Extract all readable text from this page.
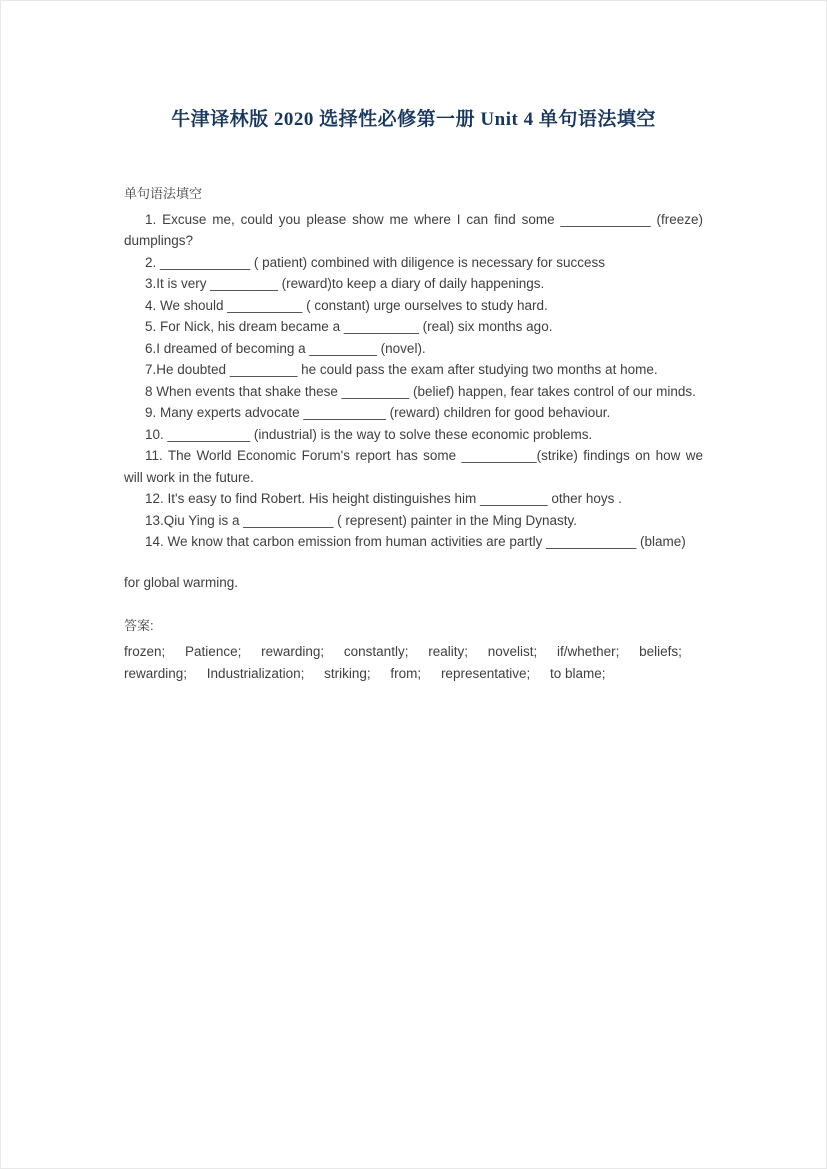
牛津译林版 2020 选择性必修第一册 Unit 4 单句语法填空

单句语法填空

1. Excuse me, could you please show me where I can find some ____________ (freeze) dumplings?

2. ____________ ( patient) combined with diligence is necessary for success

3.It is very _________ (reward)to keep a diary of daily happenings.

4. We should __________ ( constant) urge ourselves to study hard.

5. For Nick, his dream became a __________ (real) six months ago.

6.I dreamed of becoming a _________ (novel).

7.He doubted _________ he could pass the exam after studying two months at home.

8 When events that shake these _________ (belief) happen, fear takes control of our minds.

9. Many experts advocate ___________ (reward) children for good behaviour.

10. ___________ (industrial) is the way to solve these economic problems.

11. The World Economic Forum's report has some __________(strike) findings on how we will work in the future.

12. It's easy to find Robert. His height distinguishes him _________ other hoys .

13.Qiu Ying is a ____________ ( represent) painter in the Ming Dynasty.

14. We know that carbon emission from human activities are partly ____________ (blame)

for global warming.

答案:

frozen; Patience; rewarding; constantly; reality; novelist; if/whether; beliefs; rewarding; Industrialization; striking; from; representative; to blame;
